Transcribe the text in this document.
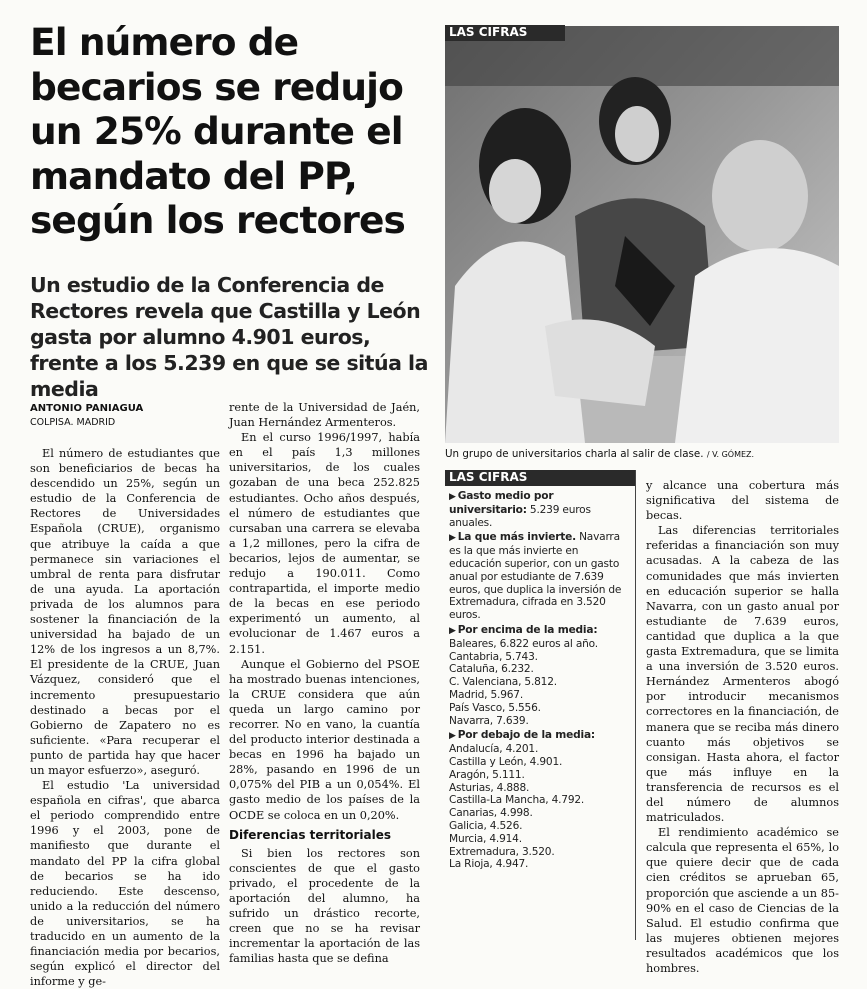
El número de becarios se redujo un 25% durante el mandato del PP, según los rectores
Un estudio de la Conferencia de Rectores revela que Castilla y León gasta por alumno 4.901 euros, frente a los 5.239 en que se sitúa la media
ANTONIO PANIAGUA
COLPISA. MADRID

El número de estudiantes que son beneficiarios de becas ha descendido un 25%, según un estudio de la Conferencia de Rectores de Universidades Española (CRUE), organismo que atribuye la caída a que permanece sin variaciones el umbral de renta para disfrutar de una ayuda. La aportación privada de los alumnos para sostener la financiación de la universidad ha bajado de un 12% de los ingresos a un 8,7%. El presidente de la CRUE, Juan Vázquez, consideró que el incremento presupuestario destinado a becas por el Gobierno de Zapatero no es suficiente. «Para recuperar el punto de partida hay que hacer un mayor esfuerzo», aseguró.

El estudio 'La universidad española en cifras', que abarca el periodo comprendido entre 1996 y el 2003, pone de manifiesto que durante el mandato del PP la cifra global de becarios se ha ido reduciendo. Este descenso, unido a la reducción del número de universitarios, se ha traducido en un aumento de la financiación media por becarios, según explicó el director del informe y ge-

rente de la Universidad de Jaén, Juan Hernández Armenteros.

En el curso 1996/1997, había en el país 1,3 millones universitarios, de los cuales gozaban de una beca 252.825 estudiantes. Ocho años después, el número de estudiantes que cursaban una carrera se elevaba a 1,2 millones, pero la cifra de becarios, lejos de aumentar, se redujo a 190.011. Como contrapartida, el importe medio de la becas en ese periodo experimentó un aumento, al evolucionar de 1.467 euros a 2.151.

Aunque el Gobierno del PSOE ha mostrado buenas intenciones, la CRUE considera que aún queda un largo camino por recorrer. No en vano, la cuantía del producto interior destinada a becas en 1996 ha bajado un 28%, pasando en 1996 de un 0,075% del PIB a un 0,054%. El gasto medio de los países de la OCDE se coloca en un 0,20%.

Diferencias territoriales

Si bien los rectores son conscientes de que el gasto privado, el procedente de la aportación del alumno, ha sufrido un drástico recorte, creen que no se ha revisar incrementar la aportación de las familias hasta que se defina

LAS CIFRAS
Un grupo de universitarios charla al salir de clase. / V. GÓMEZ.
LAS CIFRAS
▶ Gasto medio por universitario: 5.239 euros anuales.
▶ La que más invierte. Navarra es la que más invierte en educación superior, con un gasto anual por estudiante de 7.639 euros, que duplica la inversión de Extremadura, cifrada en 3.520 euros.
▶ Por encima de la media:
Baleares, 6.822 euros al año.
Cantabria, 5.743.
Cataluña, 6.232.
C. Valenciana, 5.812.
Madrid, 5.967.
País Vasco, 5.556.
Navarra, 7.639.
▶ Por debajo de la media:
Andalucía, 4.201.
Castilla y León, 4.901.
Aragón, 5.111.
Asturias, 4.888.
Castilla-La Mancha, 4.792.
Canarias, 4.998.
Galicia, 4.526.
Murcia, 4.914.
Extremadura, 3.520.
La Rioja, 4.947.

y alcance una cobertura más significativa del sistema de becas.

Las diferencias territoriales referidas a financiación son muy acusadas. A la cabeza de las comunidades que más invierten en educación superior se halla Navarra, con un gasto anual por estudiante de 7.639 euros, cantidad que duplica a la que gasta Extremadura, que se limita a una inversión de 3.520 euros. Hernández Armenteros abogó por introducir mecanismos correctores en la financiación, de manera que se reciba más dinero cuanto más objetivos se consigan. Hasta ahora, el factor que más influye en la transferencia de recursos es el del número de alumnos matriculados.

El rendimiento académico se calcula que representa el 65%, lo que quiere decir que de cada cien créditos se aprueban 65, proporción que asciende a un 85-90% en el caso de Ciencias de la Salud. El estudio confirma que las mujeres obtienen mejores resultados académicos que los hombres.
